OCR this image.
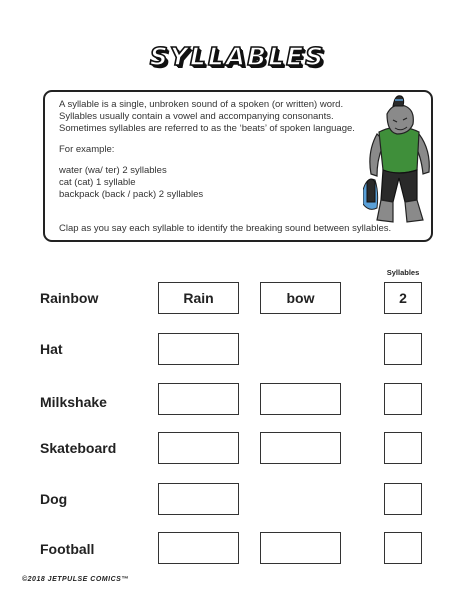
SYLLABLES

A syllable is a single, unbroken sound of a spoken (or written) word.

Syllables usually contain a vowel and accompanying consonants.

Sometimes syllables are referred to as the ‘beats’ of spoken language.

For example:

water (wa/ ter) 2 syllables

cat (cat) 1 syllable

backpack (back / pack) 2 syllables

Clap as you say each syllable to identify the breaking sound between syllables.
Syllables
Rainbow	Rain	bow	2
Hat
Milkshake
Skateboard
Dog
Football
©2018 JETPULSE COMICS™
